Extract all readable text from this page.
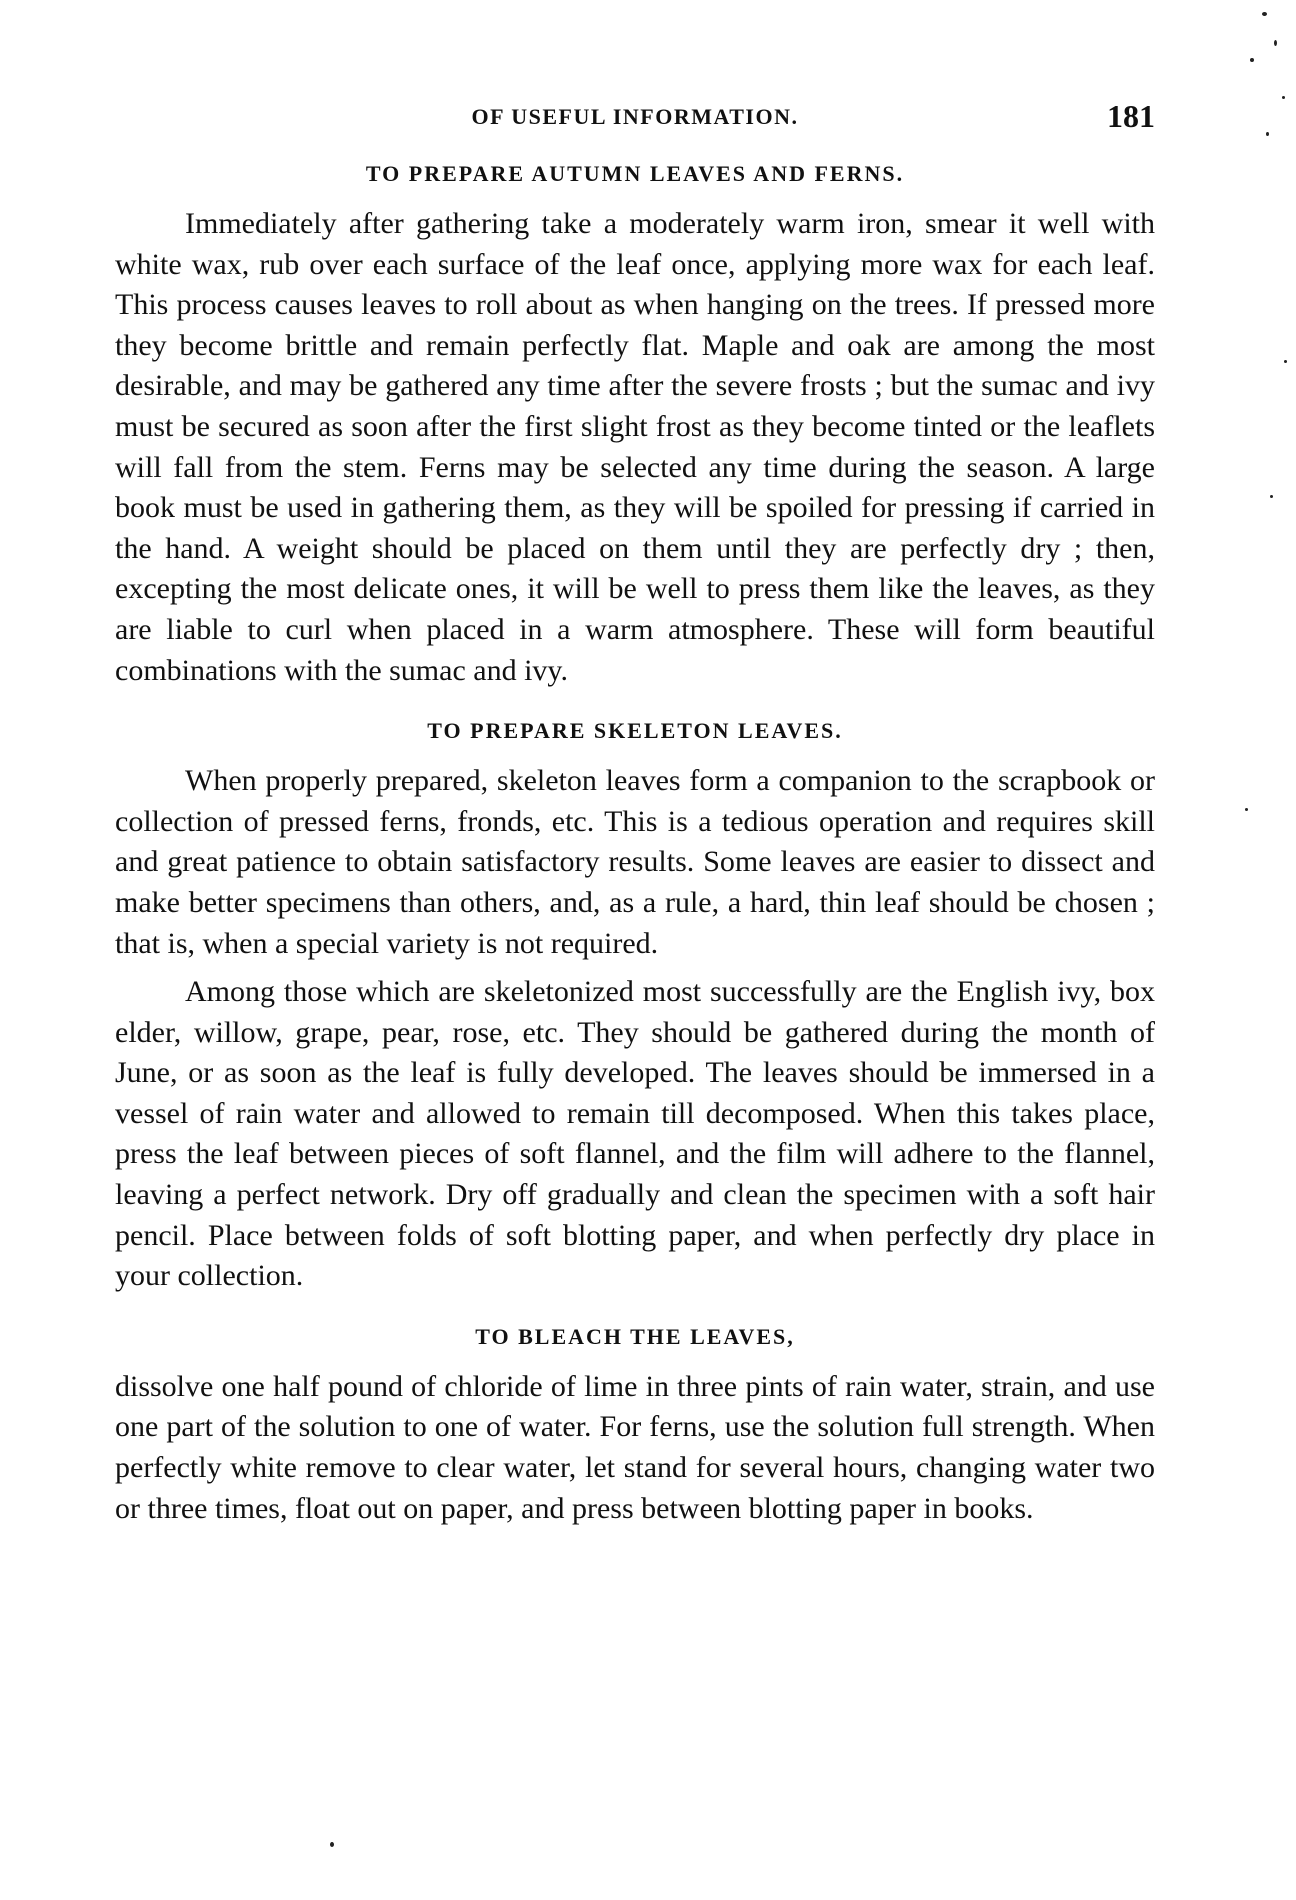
OF USEFUL INFORMATION.	181
TO PREPARE AUTUMN LEAVES AND FERNS.

Immediately after gathering take a moderately warm iron, smear it well with white wax, rub over each surface of the leaf once, applying more wax for each leaf. This process causes leaves to roll about as when hanging on the trees. If pressed more they become brittle and remain perfectly flat. Maple and oak are among the most desirable, and may be gathered any time after the severe frosts ; but the sumac and ivy must be secured as soon after the first slight frost as they become tinted or the leaflets will fall from the stem. Ferns may be selected any time during the season. A large book must be used in gathering them, as they will be spoiled for pressing if carried in the hand. A weight should be placed on them until they are perfectly dry ; then, excepting the most delicate ones, it will be well to press them like the leaves, as they are liable to curl when placed in a warm atmosphere. These will form beautiful combinations with the sumac and ivy.

TO PREPARE SKELETON LEAVES.

When properly prepared, skeleton leaves form a companion to the scrapbook or collection of pressed ferns, fronds, etc. This is a tedious operation and requires skill and great patience to obtain satisfactory results. Some leaves are easier to dissect and make better specimens than others, and, as a rule, a hard, thin leaf should be chosen ; that is, when a special variety is not required.

Among those which are skeletonized most successfully are the English ivy, box elder, willow, grape, pear, rose, etc. They should be gathered during the month of June, or as soon as the leaf is fully developed. The leaves should be immersed in a vessel of rain water and allowed to remain till decomposed. When this takes place, press the leaf between pieces of soft flannel, and the film will adhere to the flannel, leaving a perfect network. Dry off gradually and clean the specimen with a soft hair pencil. Place between folds of soft blotting paper, and when perfectly dry place in your collection.

TO BLEACH THE LEAVES,

dissolve one half pound of chloride of lime in three pints of rain water, strain, and use one part of the solution to one of water. For ferns, use the solution full strength. When perfectly white remove to clear water, let stand for several hours, changing water two or three times, float out on paper, and press between blotting paper in books.
